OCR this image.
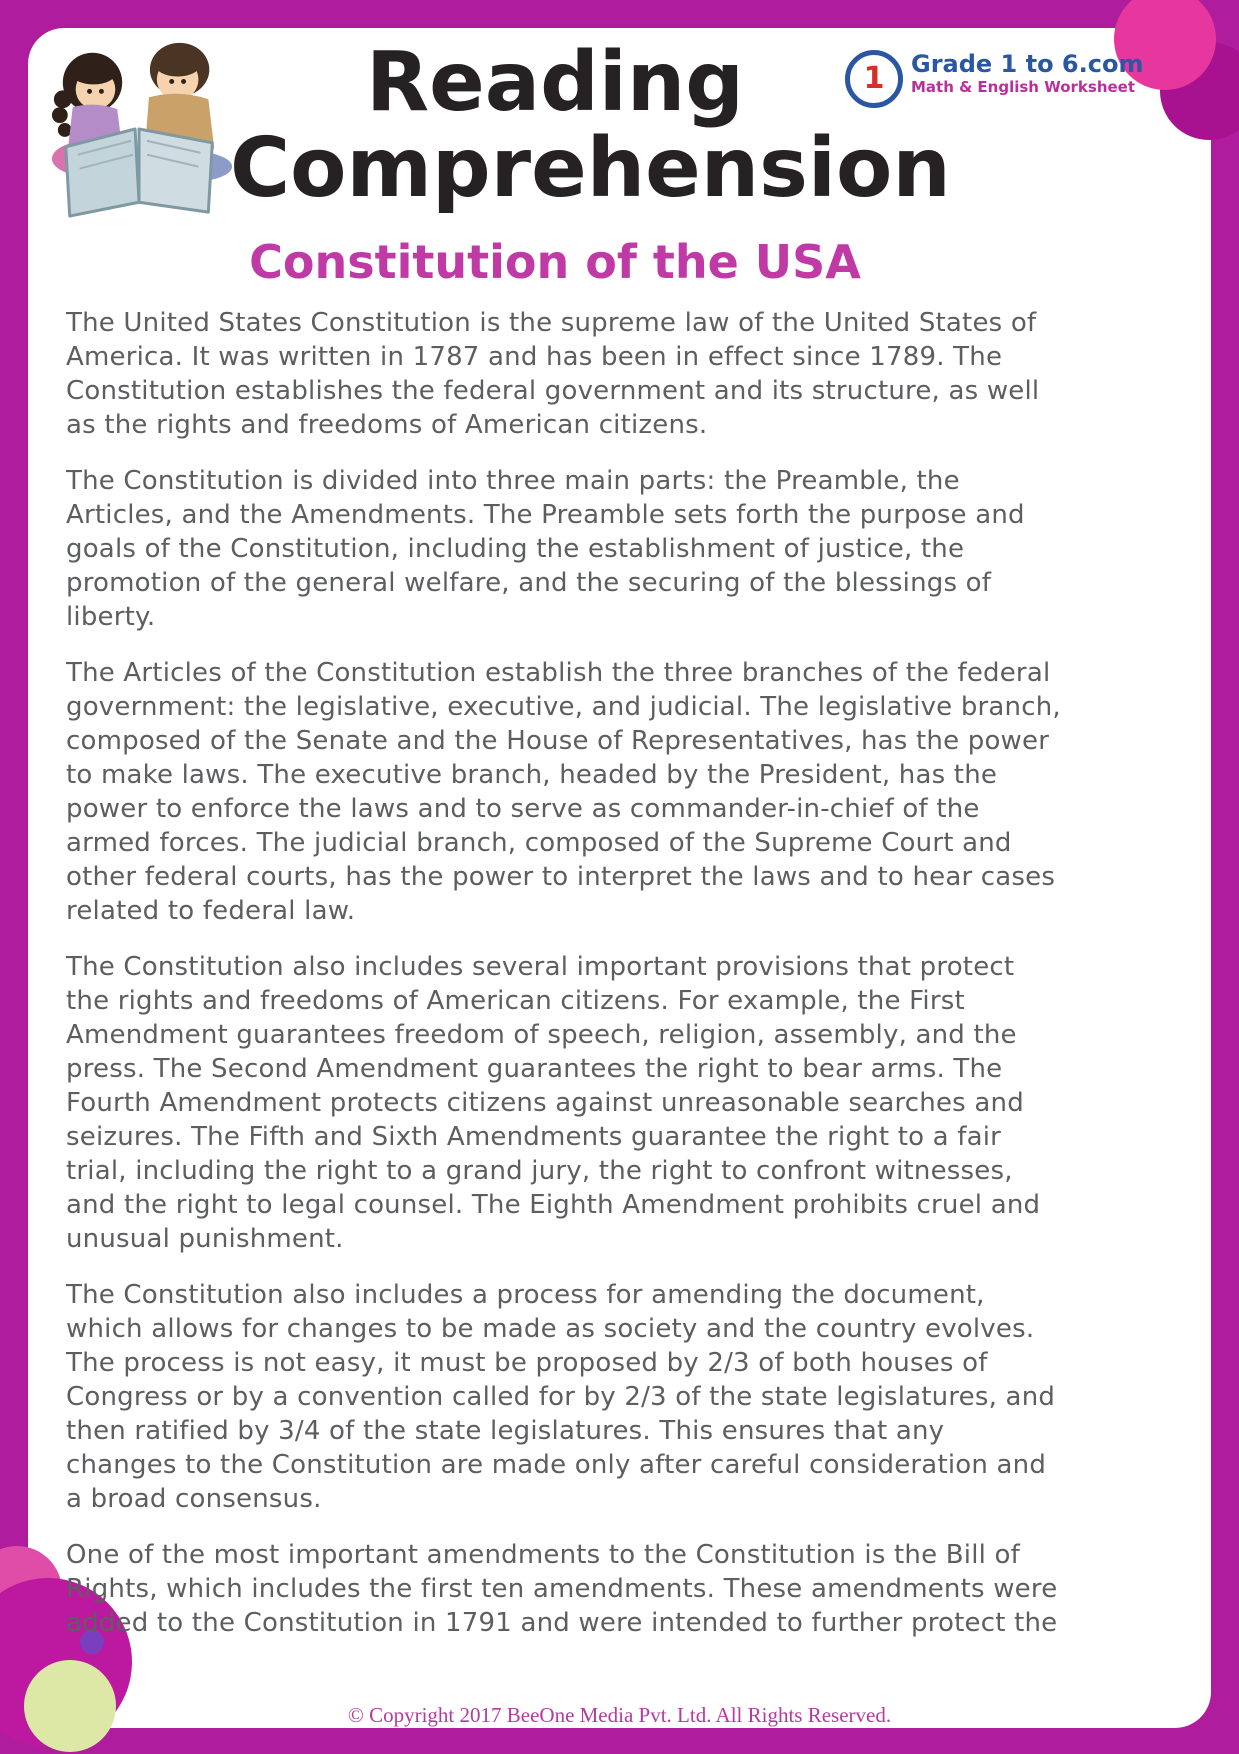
Reading
Comprehension
1 Grade 1 to 6.com
Math & English Worksheet
Constitution of the USA

The United States Constitution is the supreme law of the United States of America. It was written in 1787 and has been in effect since 1789. The Constitution establishes the federal government and its structure, as well as the rights and freedoms of American citizens.

The Constitution is divided into three main parts: the Preamble, the Articles, and the Amendments. The Preamble sets forth the purpose and goals of the Constitution, including the establishment of justice, the promotion of the general welfare, and the securing of the blessings of liberty.

The Articles of the Constitution establish the three branches of the federal government: the legislative, executive, and judicial. The legislative branch, composed of the Senate and the House of Representatives, has the power to make laws. The executive branch, headed by the President, has the power to enforce the laws and to serve as commander-in-chief of the armed forces. The judicial branch, composed of the Supreme Court and other federal courts, has the power to interpret the laws and to hear cases related to federal law.

The Constitution also includes several important provisions that protect the rights and freedoms of American citizens. For example, the First Amendment guarantees freedom of speech, religion, assembly, and the press. The Second Amendment guarantees the right to bear arms. The Fourth Amendment protects citizens against unreasonable searches and seizures. The Fifth and Sixth Amendments guarantee the right to a fair trial, including the right to a grand jury, the right to confront witnesses, and the right to legal counsel. The Eighth Amendment prohibits cruel and unusual punishment.

The Constitution also includes a process for amending the document, which allows for changes to be made as society and the country evolves. The process is not easy, it must be proposed by 2/3 of both houses of Congress or by a convention called for by 2/3 of the state legislatures, and then ratified by 3/4 of the state legislatures. This ensures that any changes to the Constitution are made only after careful consideration and a broad consensus.

One of the most important amendments to the Constitution is the Bill of Rights, which includes the first ten amendments. These amendments were added to the Constitution in 1791 and were intended to further protect the

© Copyright 2017 BeeOne Media Pvt. Ltd. All Rights Reserved.
